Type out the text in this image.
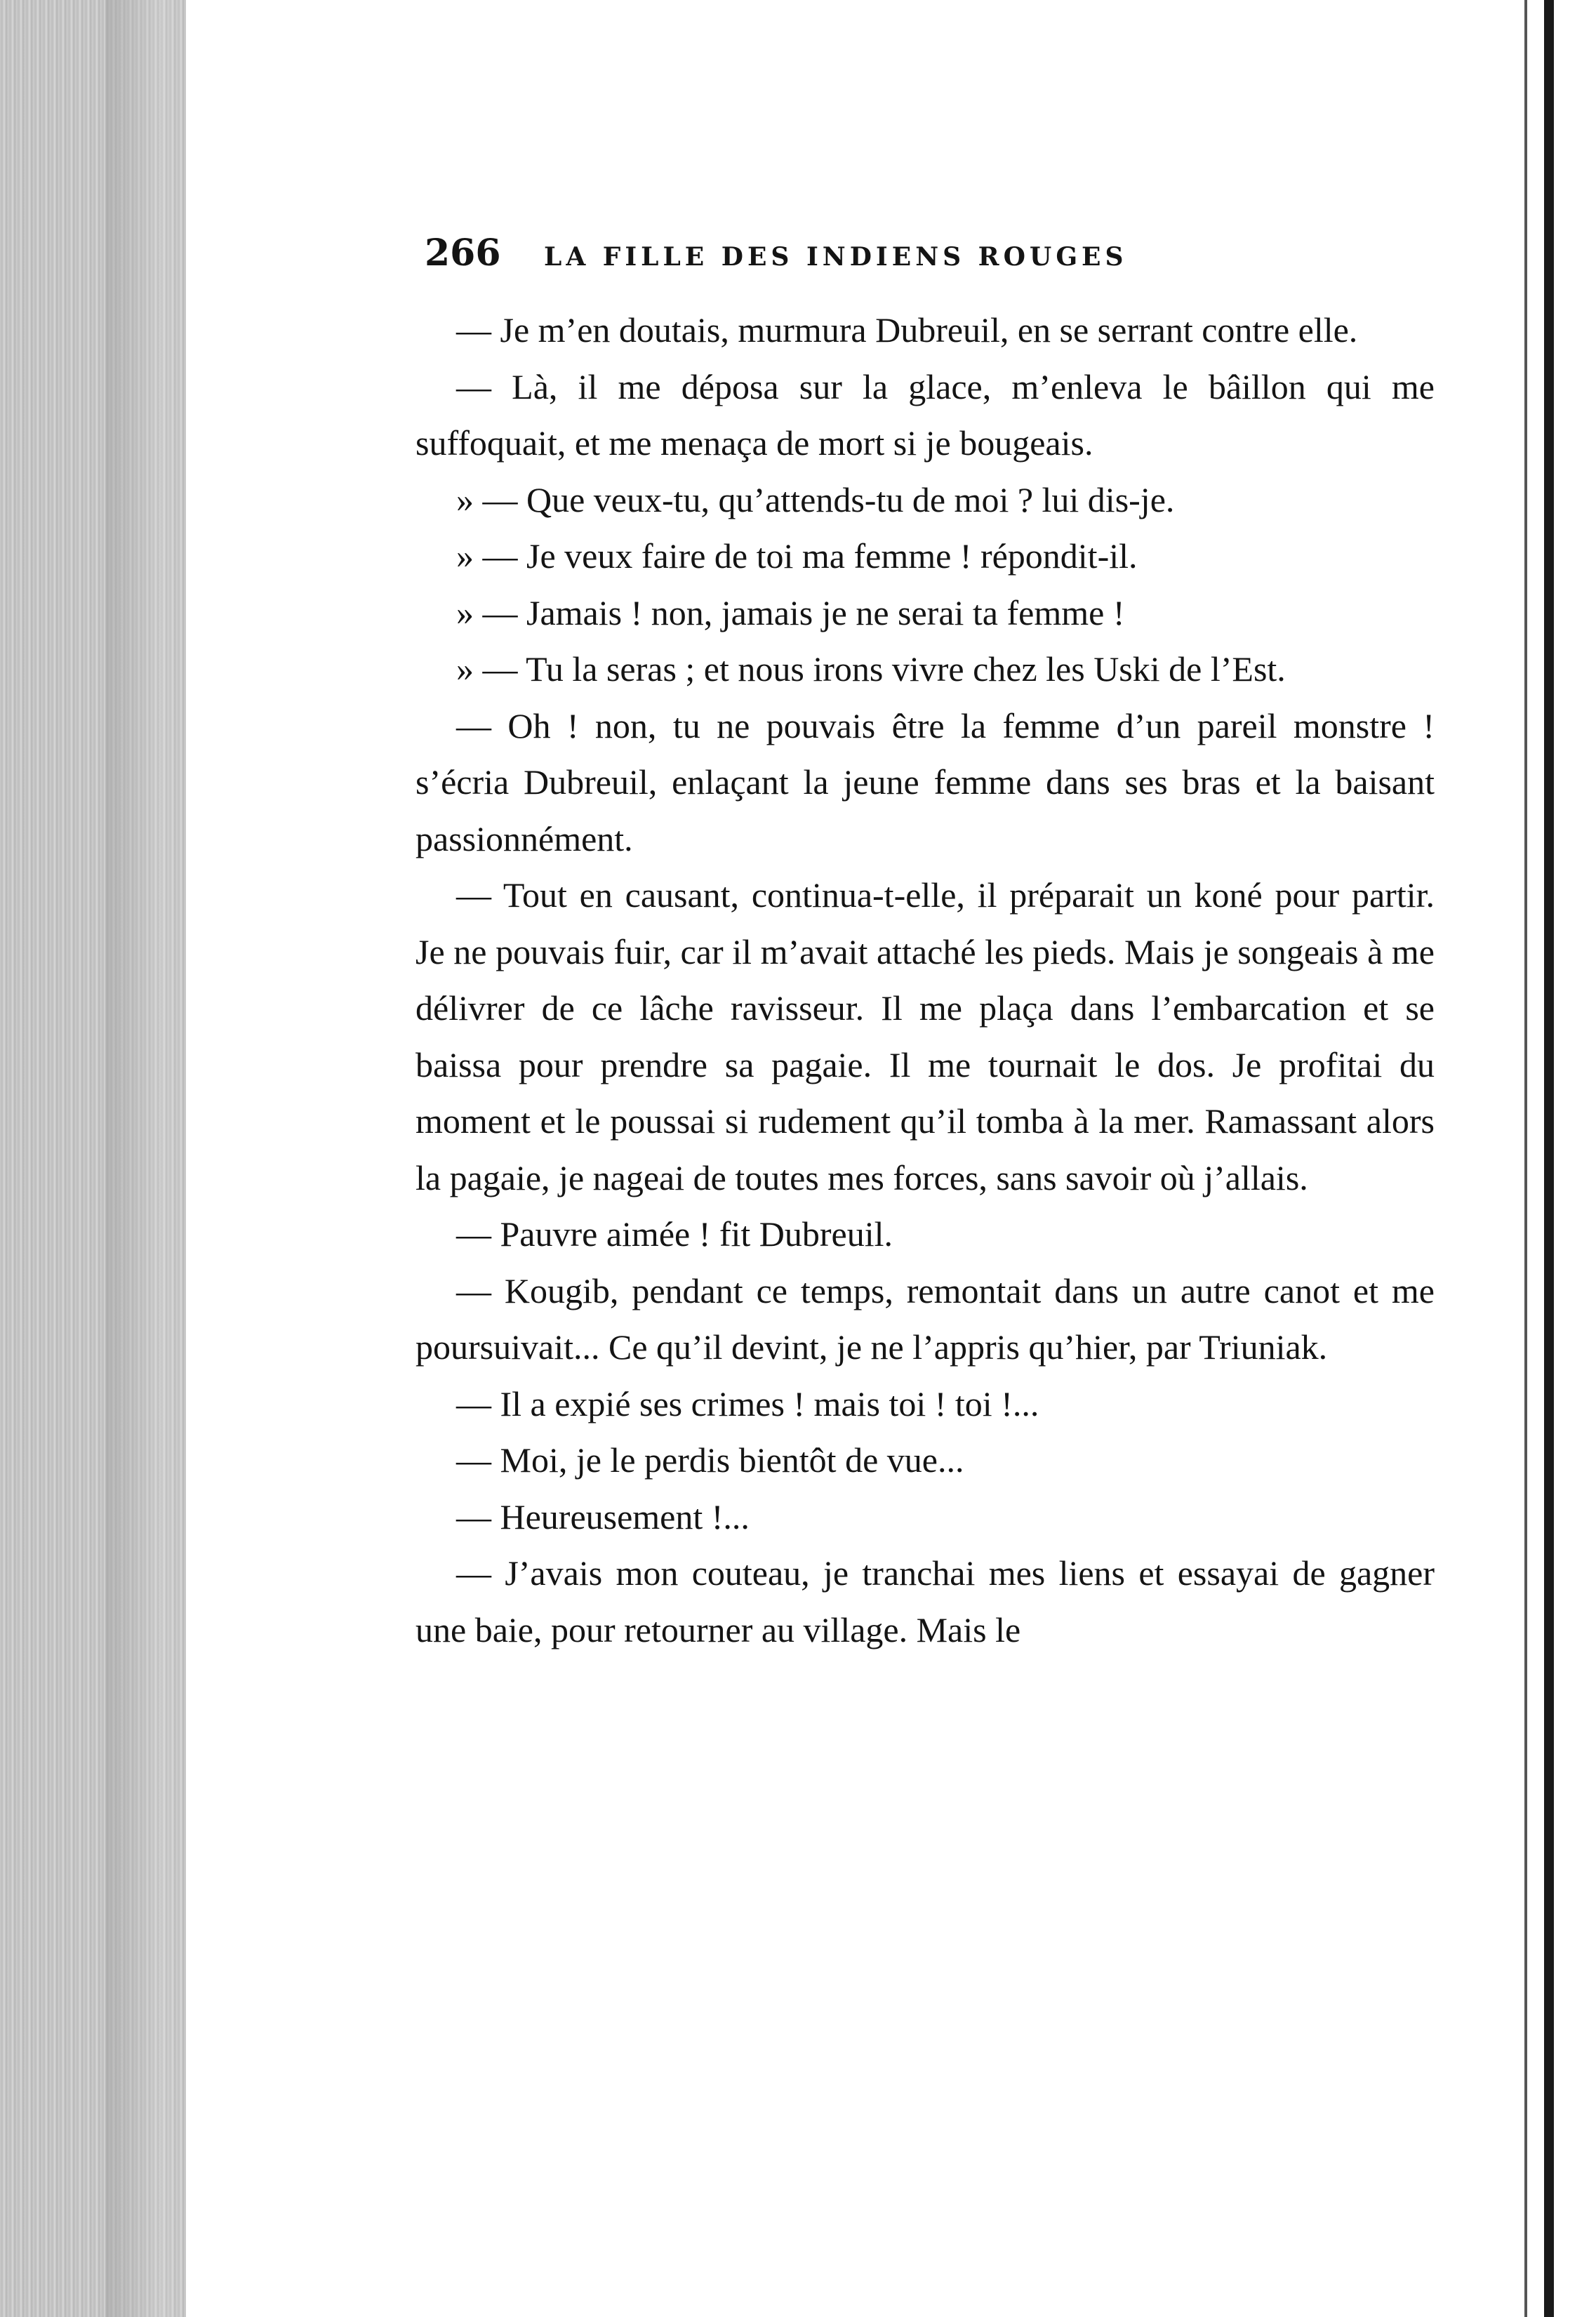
266	LA FILLE DES INDIENS ROUGES

— Je m’en doutais, murmura Dubreuil, en se serrant contre elle.

— Là, il me déposa sur la glace, m’enleva le bâillon qui me suffoquait, et me menaça de mort si je bougeais.

» — Que veux-tu, qu’attends-tu de moi ? lui dis-je.

» — Je veux faire de toi ma femme ! répondit-il.

» — Jamais ! non, jamais je ne serai ta femme !

» — Tu la seras ; et nous irons vivre chez les Uski de l’Est.

— Oh ! non, tu ne pouvais être la femme d’un pareil monstre ! s’écria Dubreuil, enlaçant la jeune femme dans ses bras et la baisant passionnément.

— Tout en causant, continua-t-elle, il préparait un koné pour partir. Je ne pouvais fuir, car il m’avait attaché les pieds. Mais je songeais à me délivrer de ce lâche ravisseur. Il me plaça dans l’embarcation et se baissa pour prendre sa pagaie. Il me tournait le dos. Je profitai du moment et le poussai si rudement qu’il tomba à la mer. Ramassant alors la pagaie, je nageai de toutes mes forces, sans savoir où j’allais.

— Pauvre aimée ! fit Dubreuil.

— Kougib, pendant ce temps, remontait dans un autre canot et me poursuivait... Ce qu’il devint, je ne l’appris qu’hier, par Triuniak.

— Il a expié ses crimes ! mais toi ! toi !...

— Moi, je le perdis bientôt de vue...

— Heureusement !...

— J’avais mon couteau, je tranchai mes liens et essayai de gagner une baie, pour retourner au village. Mais le
